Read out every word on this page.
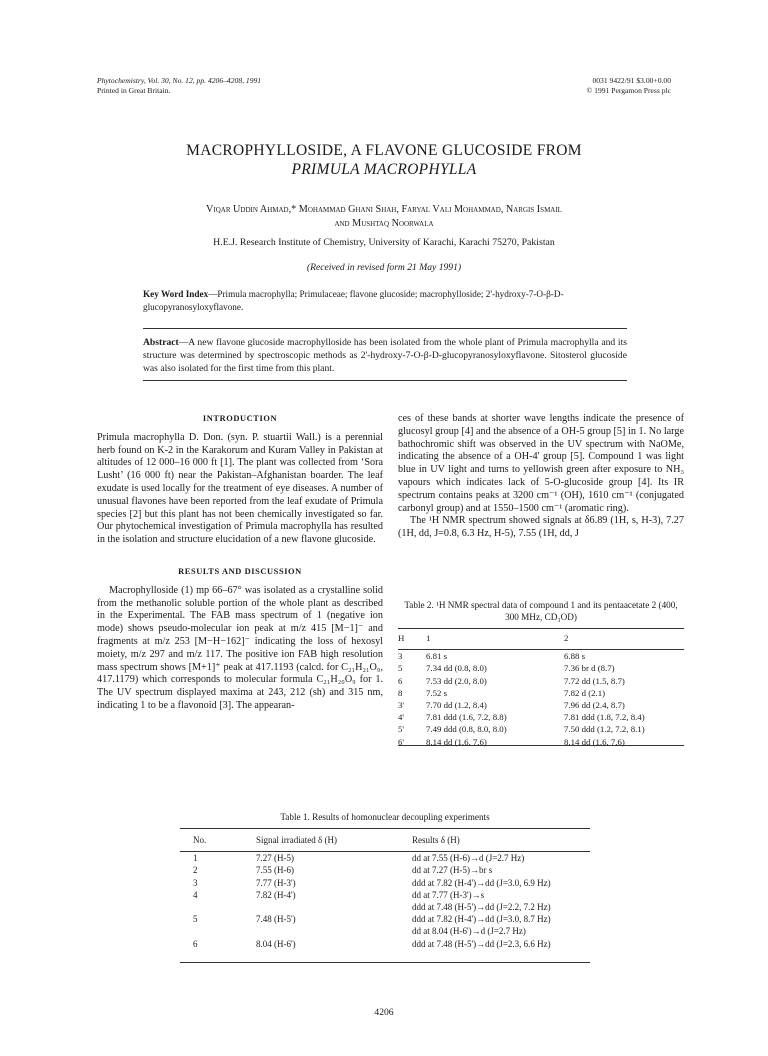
Phytochemistry, Vol. 30, No. 12, pp. 4206–4208, 1991
Printed in Great Britain.
0031 9422/91 $3.00+0.00
© 1991 Pergamon Press plc
MACROPHYLLOSIDE, A FLAVONE GLUCOSIDE FROM
PRIMULA MACROPHYLLA
Viqar Uddin Ahmad,* Mohammad Ghani Shah, Faryal Vali Mohammad, Nargis Ismail
and Mushtaq Noorwala
H.E.J. Research Institute of Chemistry, University of Karachi, Karachi 75270, Pakistan
(Received in revised form 21 May 1991)
Key Word Index—Primula macrophylla; Primulaceae; flavone glucoside; macrophylloside; 2'-hydroxy-7-O-β-D-glucopyranosyloxyflavone.
Abstract—A new flavone glucoside macrophylloside has been isolated from the whole plant of Primula macrophylla and its structure was determined by spectroscopic methods as 2'-hydroxy-7-O-β-D-glucopyranosyloxyflavone. Sitosterol glucoside was also isolated for the first time from this plant.
INTRODUCTION

Primula macrophylla D. Don. (syn. P. stuartii Wall.) is a perennial herb found on K-2 in the Karakorum and Kuram Valley in Pakistan at altitudes of 12 000–16 000 ft [1]. The plant was collected from ‘Sora Lusht’ (16 000 ft) near the Pakistan–Afghanistan boarder. The leaf exudate is used locally for the treatment of eye diseases. A number of unusual flavones have been reported from the leaf exudate of Primula species [2] but this plant has not been chemically investigated so far. Our phytochemical investigation of Primula macrophylla has resulted in the isolation and structure elucidation of a new flavone glucoside.

RESULTS AND DISCUSSION

Macrophylloside (1) mp 66–67° was isolated as a crystalline solid from the methanolic soluble portion of the whole plant as described in the Experimental. The FAB mass spectrum of 1 (negative ion mode) shows pseudo-molecular ion peak at m/z 415 [M−1]⁻ and fragments at m/z 253 [M−H−162]⁻ indicating the loss of hexosyl moiety, m/z 297 and m/z 117. The positive ion FAB high resolution mass spectrum shows [M+1]⁺ peak at 417.1193 (calcd. for C₂₁H₂₁O₉, 417.1179) which corresponds to molecular formula C₂₁H₂₀O₉ for 1. The UV spectrum displayed maxima at 243, 212 (sh) and 315 nm, indicating 1 to be a flavonoid [3]. The appearan-

ces of these bands at shorter wave lengths indicate the presence of glucosyl group [4] and the absence of a OH-5 group [5] in 1. No large bathochromic shift was observed in the UV spectrum with NaOMe, indicating the absence of a OH-4' group [5]. Compound 1 was light blue in UV light and turns to yellowish green after exposure to NH₃ vapours which indicates lack of 5-O-glucoside group [4]. Its IR spectrum contains peaks at 3200 cm⁻¹ (OH), 1610 cm⁻¹ (conjugated carbonyl group) and at 1550–1500 cm⁻¹ (aromatic ring).

The ¹H NMR spectrum showed signals at δ6.89 (1H, s, H-3), 7.27 (1H, dd, J=0.8, 6.3 Hz, H-5), 7.55 (1H, dd, J

Table 2. ¹H NMR spectral data of compound 1 and its pentaacetate 2 (400, 300 MHz, CD₃OD)
H	1	2
3	6.81 s	6.88 s
5	7.34 dd (0.8, 8.0)	7.36 br d (8.7)
6	7.53 dd (2.0, 8.0)	7.72 dd (1.5, 8.7)
8	7.52 s	7.82 d (2.1)
3'	7.70 dd (1.2, 8.4)	7.96 dd (2.4, 8.7)
4'	7.81 ddd (1.6, 7.2, 8.8)	7.81 ddd (1.8, 7.2, 8.4)
5'	7.49 ddd (0.8, 8.0, 8.0)	7.50 ddd (1.2, 7.2, 8.1)
6'	8.14 dd (1.6, 7.6)	8.14 dd (1.6, 7.6)
Table 1. Results of homonuclear decoupling experiments
No.	Signal irradiated δ (H)	Results δ (H)
1	7.27 (H-5)	dd at 7.55 (H-6)→d (J=2.7 Hz)
2	7.55 (H-6)	dd at 7.27 (H-5)→br s
3	7.77 (H-3')	ddd at 7.82 (H-4')→dd (J=3.0, 6.9 Hz)
4	7.82 (H-4')	dd at 7.77 (H-3')→s
		ddd at 7.48 (H-5')→dd (J=2.2, 7.2 Hz)
5	7.48 (H-5')	ddd at 7.82 (H-4')→dd (J=3.0, 8.7 Hz)
		dd at 8.04 (H-6')→d (J=2.7 Hz)
6	8.04 (H-6')	ddd at 7.48 (H-5')→dd (J=2.3, 6.6 Hz)
4206
